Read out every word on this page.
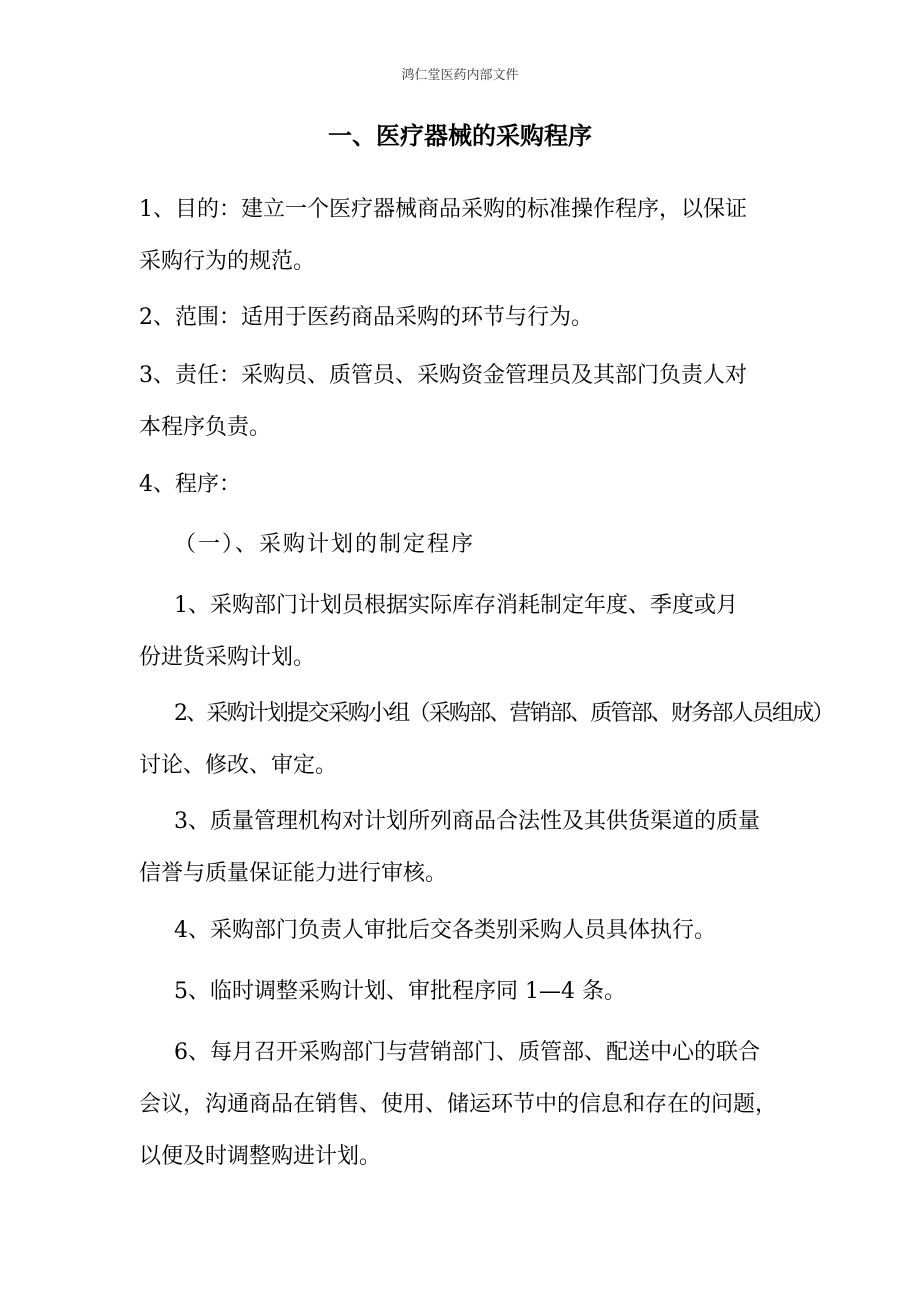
鸿仁堂医药内部文件
一、医疗器械的采购程序
1、目的：建立一个医疗器械商品采购的标准操作程序，以保证
采购行为的规范。
2、范围：适用于医药商品采购的环节与行为。
3、责任：采购员、质管员、采购资金管理员及其部门负责人对
本程序负责。
4、程序：
（一）、采购计划的制定程序
1、采购部门计划员根据实际库存消耗制定年度、季度或月
份进货采购计划。
2、采购计划提交采购小组（采购部、营销部、质管部、财务部人员组成）
讨论、修改、审定。
3、质量管理机构对计划所列商品合法性及其供货渠道的质量
信誉与质量保证能力进行审核。
4、采购部门负责人审批后交各类别采购人员具体执行。
5、临时调整采购计划、审批程序同 1—4 条。
6、每月召开采购部门与营销部门、质管部、配送中心的联合
会议，沟通商品在销售、使用、储运环节中的信息和存在的问题，
以便及时调整购进计划。
